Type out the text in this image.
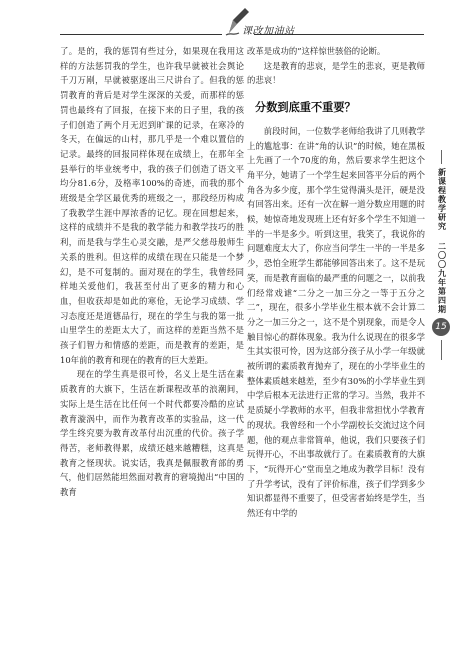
课改加油站

了。是的，我的惩罚有些过分，如果现在我用这样的方法惩罚我的学生，也许我早就被社会舆论千刀万剐，早就被驱逐出三尺讲台了。但我的惩罚教育的背后是对学生深深的关爱，而那样的惩罚也最终有了回报，在接下来的日子里，我的孩子们创造了两个月无迟到旷课的记录，在寒冷的冬天，在偏远的山村，那几乎是一个难以置信的记录。最终的回报同样体现在成绩上，在那年全县举行的毕业统考中，我的孩子们创造了语文平均分81.6分，及格率100%的奇迹，而我的那个班级是全学区最优秀的班级之一，那段经历构成了我教学生涯中厚浓香的记忆。现在回想起来，这样的成绩并不是我的教学能力和教学技巧的胜利，而是我与学生心灵交融，是严父慈母般师生关系的胜利。但这样的成绩在现在只能是一个梦幻，是不可复制的。面对现在的学生，我曾经同样地关爱他们，我甚至付出了更多的精力和心血，但收获却是如此的寒伧，无论学习成绩、学习态度还是道德品行，现在的学生与我的第一批山里学生的差距太大了，而这样的差距当然不是孩子们智力和情感的差距，而是教育的差距，是10年前的教育和现在的教育的巨大差距。

现在的学生真是很可怜，名义上是生活在素质教育的大旗下，生活在新课程改革的浪潮间，实际上是生活在比任何一个时代都要冷酷的应试教育漩涡中，而作为教育改革的实验品，这一代学生终究要为教育改革付出沉重的代价。孩子学得苦，老师教得累，成绩还越来越糟糕，这真是教育之怪现状。说实话，我真是佩服教育部的勇气，他们居然能坦然面对教育的窘境抛出“中国的教育

改革是成功的”这样惊世骇俗的论断。

这是教育的悲哀，是学生的悲哀，更是教师的悲哀！

分数到底重不重要？

前段时间，一位数学老师给我讲了几则教学上的尴尬事：在讲“角的认识”的时候，她在黑板上先画了一个70度的角，然后要求学生把这个角平分，她请了一个学生起来回答平分后的两个角各为多少度，那个学生觉得满头是汗，硬是没有回答出来。还有一次在解一道分数应用题的时候，她惊奇地发现班上还有好多个学生不知道一半的一半是多少。听到这里，我笑了，我说你的问题难度太大了，你应当问学生一半的一半是多少，恐怕全班学生都能够回答出来了。这不是玩笑，而是教育面临的最严重的问题之一，以前我们经常戏谑“二分之一加三分之一等于五分之二”，现在，很多小学毕业生根本就不会计算二分之一加三分之一，这不是个别现象，而是令人触目惊心的群体现象。我为什么说现在的很多学生其实很可怜，因为这部分孩子从小学一年级就被所谓的素质教育抛弃了，现在的小学毕业生的整体素质越来越差，至少有30%的小学毕业生到中学后根本无法进行正常的学习。当然，我并不是质疑小学教师的水平，但我非常担忧小学教育的现状。我曾经和一个小学副校长交流过这个问题，他的观点非常简单，他说，我们只要孩子们玩得开心，不出事故就行了。在素质教育的大旗下，“玩得开心”堂而皇之地成为教学目标！没有了升学考试，没有了评价标准，孩子们学到多少知识都显得不重要了，但受害者始终是学生，当然还有中学的

新课程教学研究
二〇〇九年 第四期
15
